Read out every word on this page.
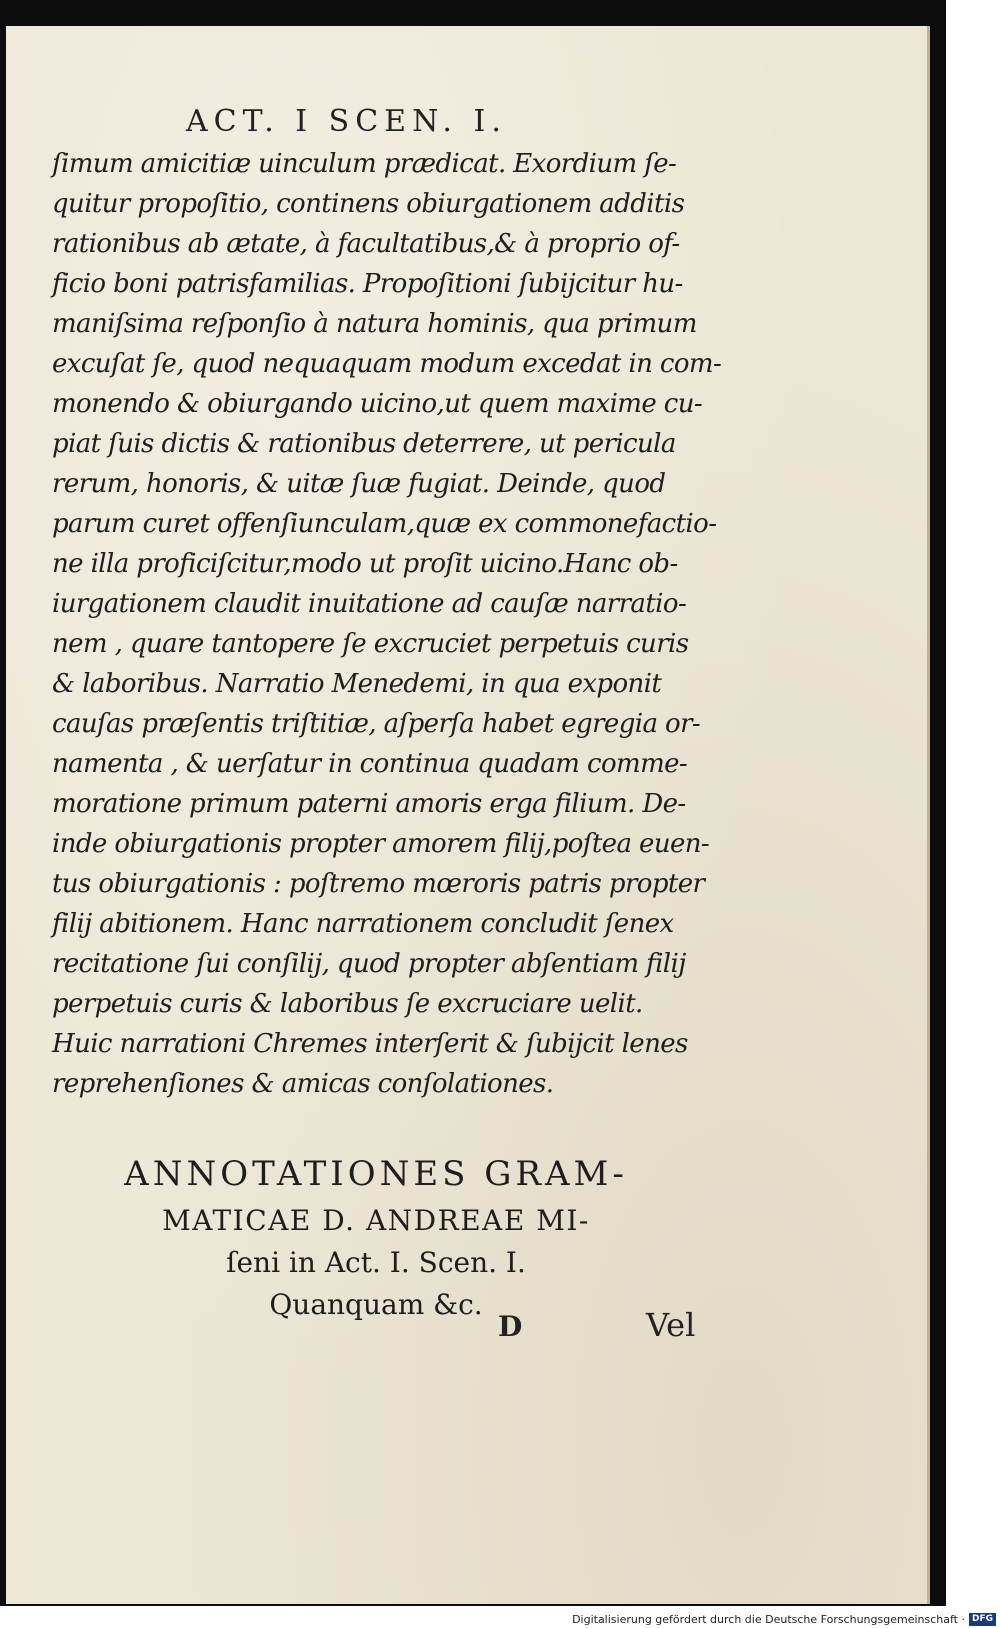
ACT. I SCEN. I.
ſimum amicitiæ uinculum prædicat. Exordium ſe-
quitur propoſitio, continens obiurgationem additis
rationibus ab ætate, à facultatibus,& à proprio of-
ficio boni patrisfamilias. Propoſitioni ſubijcitur hu-
maniſsima reſponſio à natura hominis, qua primum
excuſat ſe, quod nequaquam modum excedat in com-
monendo & obiurgando uicino,ut quem maxime cu-
piat ſuis dictis & rationibus deterrere, ut pericula
rerum, honoris, & uitæ ſuæ fugiat. Deinde, quod
parum curet offenſiunculam,quæ ex commonefactio-
ne illa proficiſcitur,modo ut proſit uicino.Hanc ob-
iurgationem claudit inuitatione ad cauſæ narratio-
nem , quare tantopere ſe excruciet perpetuis curis
& laboribus. Narratio Menedemi, in qua exponit
cauſas præſentis triſtitiæ, aſperſa habet egregia or-
namenta , & uerſatur in continua quadam comme-
moratione primum paterni amoris erga filium. De-
inde obiurgationis propter amorem filij,poſtea euen-
tus obiurgationis : poſtremo mœroris patris propter
filij abitionem. Hanc narrationem concludit ſenex
recitatione ſui conſilij, quod propter abſentiam filij
perpetuis curis & laboribus ſe excruciare uelit.
Huic narrationi Chremes interſerit & ſubijcit lenes
reprehenſiones & amicas conſolationes.
ANNOTATIONES GRAM-
MATICAE D. ANDREAE MI-
ſeni in Act. I. Scen. I.
Quanquam &c.
D	Vel
Digitalisierung gefördert durch die Deutsche Forschungsgemeinschaft · DFG
